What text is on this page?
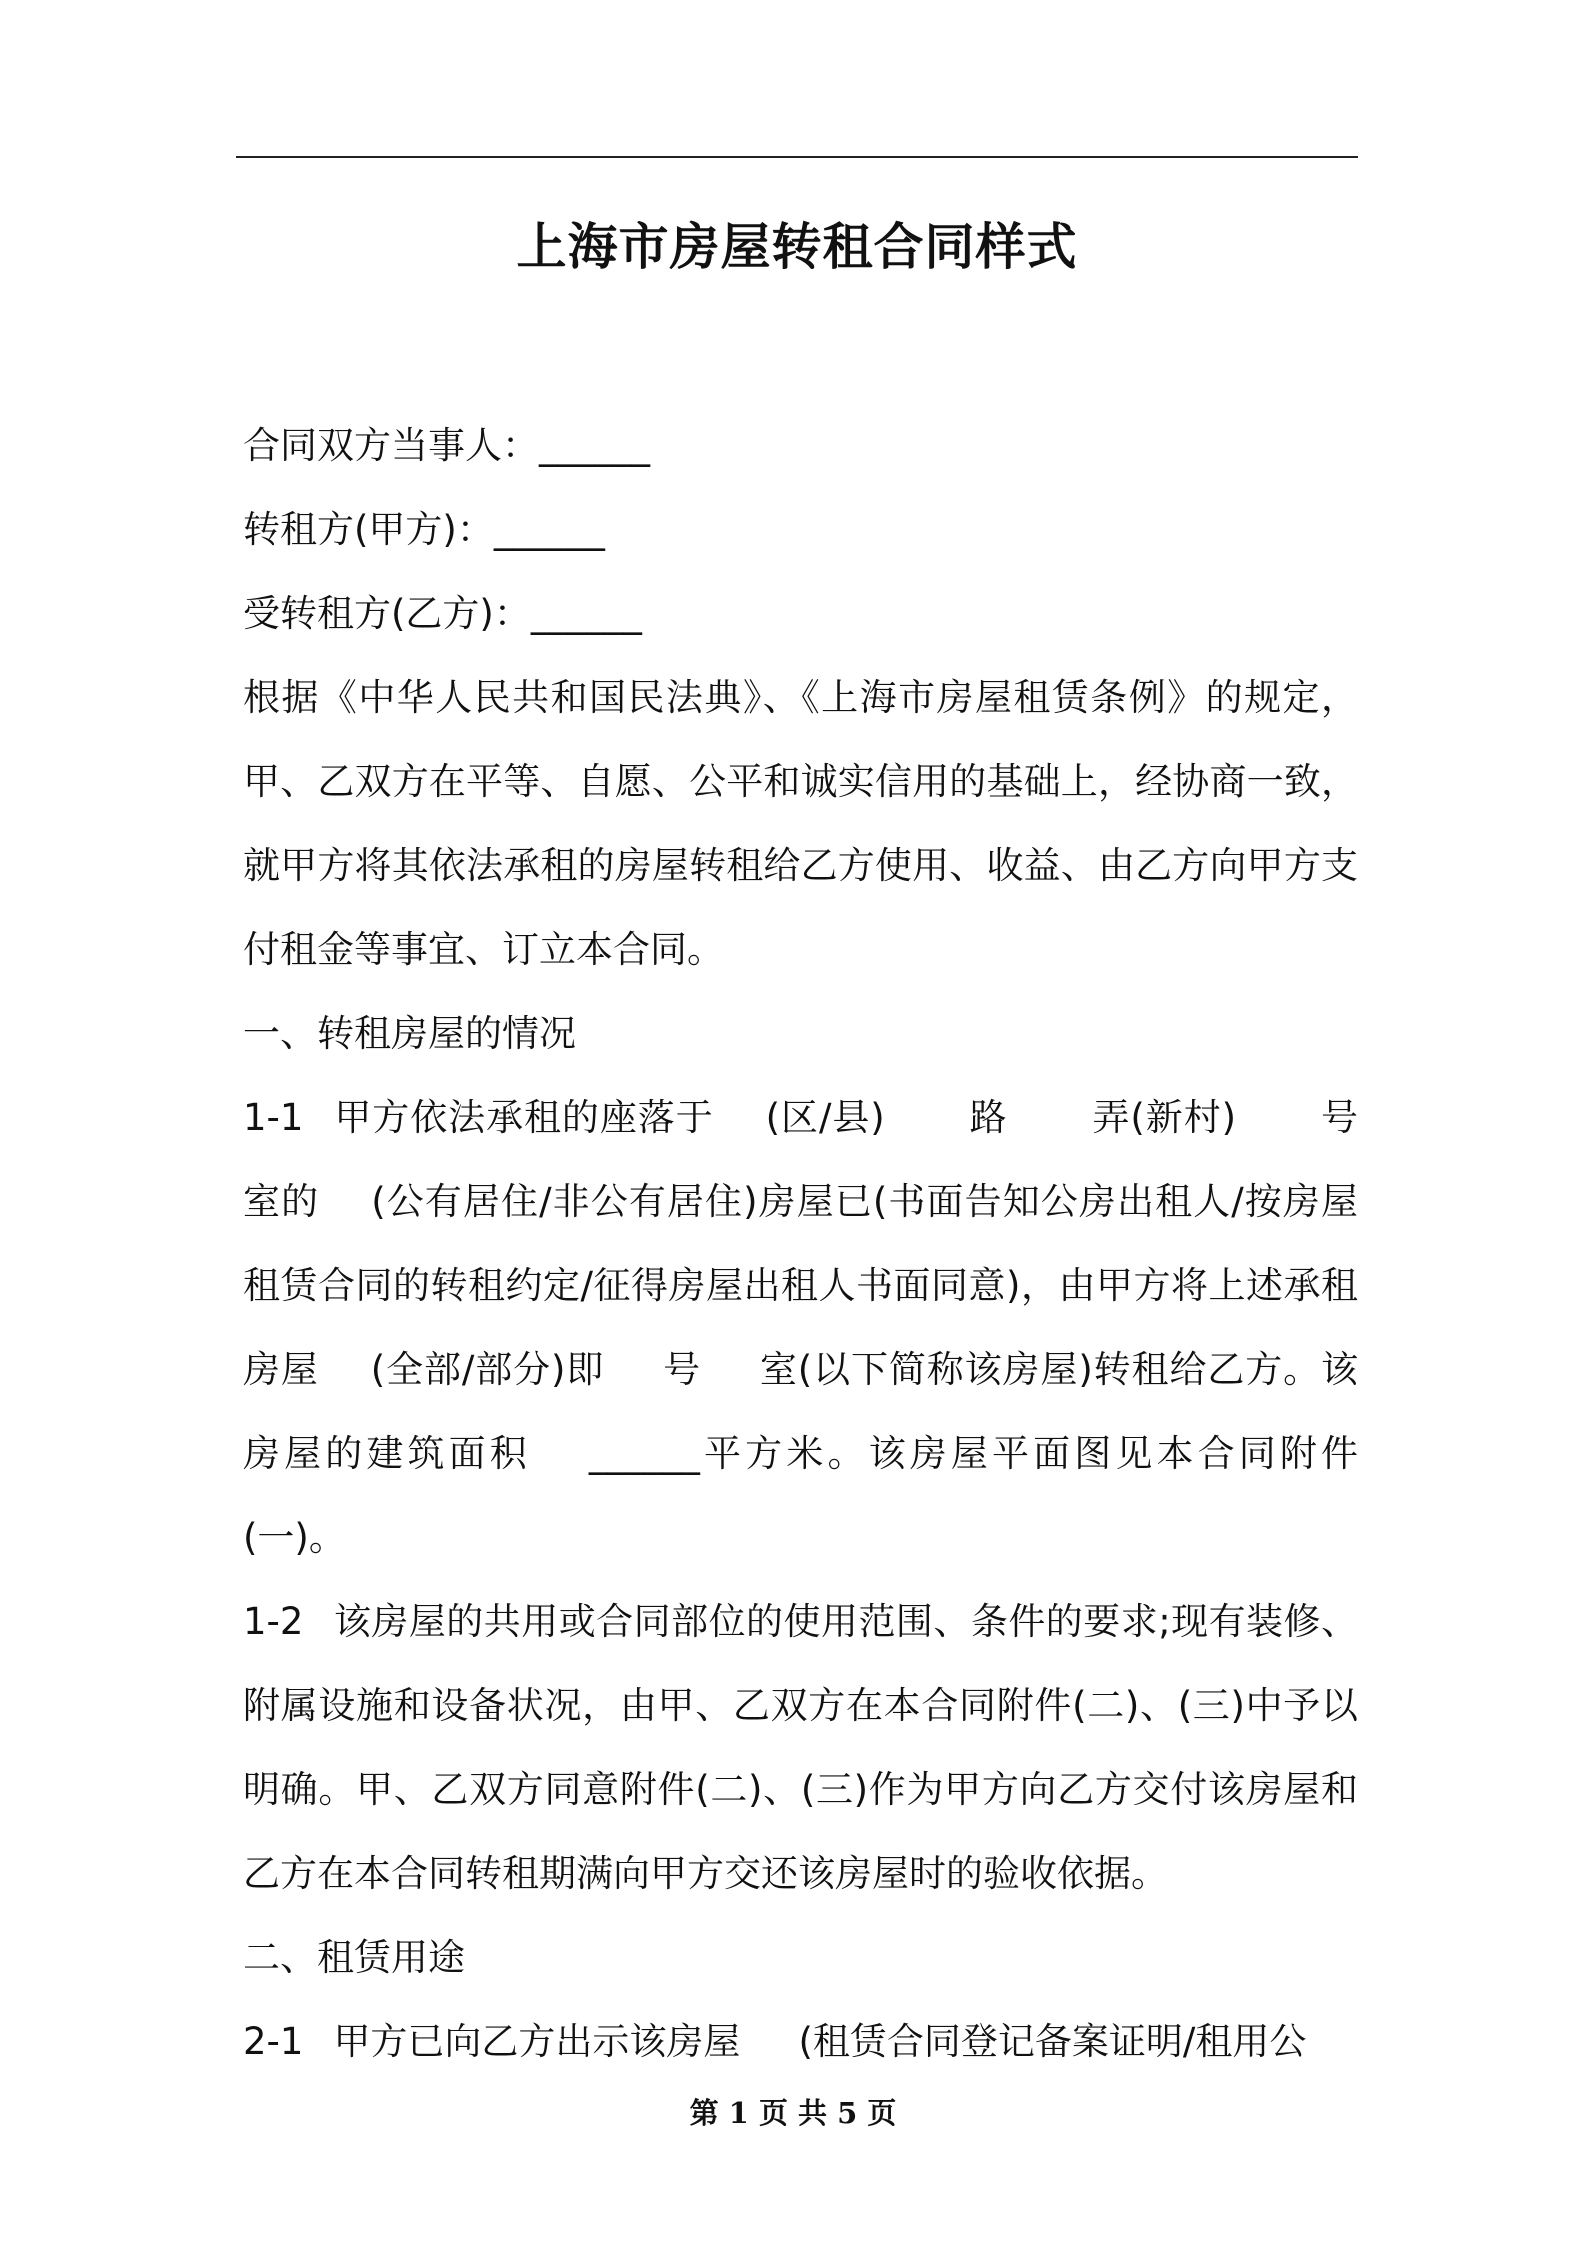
上海市房屋转租合同样式

合同双方当事人：______

转租方(甲方)：______

受转租方(乙方)：______

根据《中华人民共和国民法典》、《上海市房屋租赁条例》的规定，甲、乙双方在平等、自愿、公平和诚实信用的基础上，经协商一致，就甲方将其依法承租的房屋转租给乙方使用、收益、由乙方向甲方支付租金等事宜、订立本合同。

一、转租房屋的情况

1-1 甲方依法承租的座落于 (区/县) 路 弄(新村) 号室的 (公有居住/非公有居住)房屋已(书面告知公房出租人/按房屋租赁合同的转租约定/征得房屋出租人书面同意)，由甲方将上述承租房屋 (全部/部分)即 号 室(以下简称该房屋)转租给乙方。该房屋的建筑面积 ______平方米。该房屋平面图见本合同附件(一)。

1-2 该房屋的共用或合同部位的使用范围、条件的要求;现有装修、附属设施和设备状况，由甲、乙双方在本合同附件(二)、(三)中予以明确。甲、乙双方同意附件(二)、(三)作为甲方向乙方交付该房屋和乙方在本合同转租期满向甲方交还该房屋时的验收依据。

二、租赁用途

2-1 甲方已向乙方出示该房屋 (租赁合同登记备案证明/租用公

第 1 页 共 5 页
